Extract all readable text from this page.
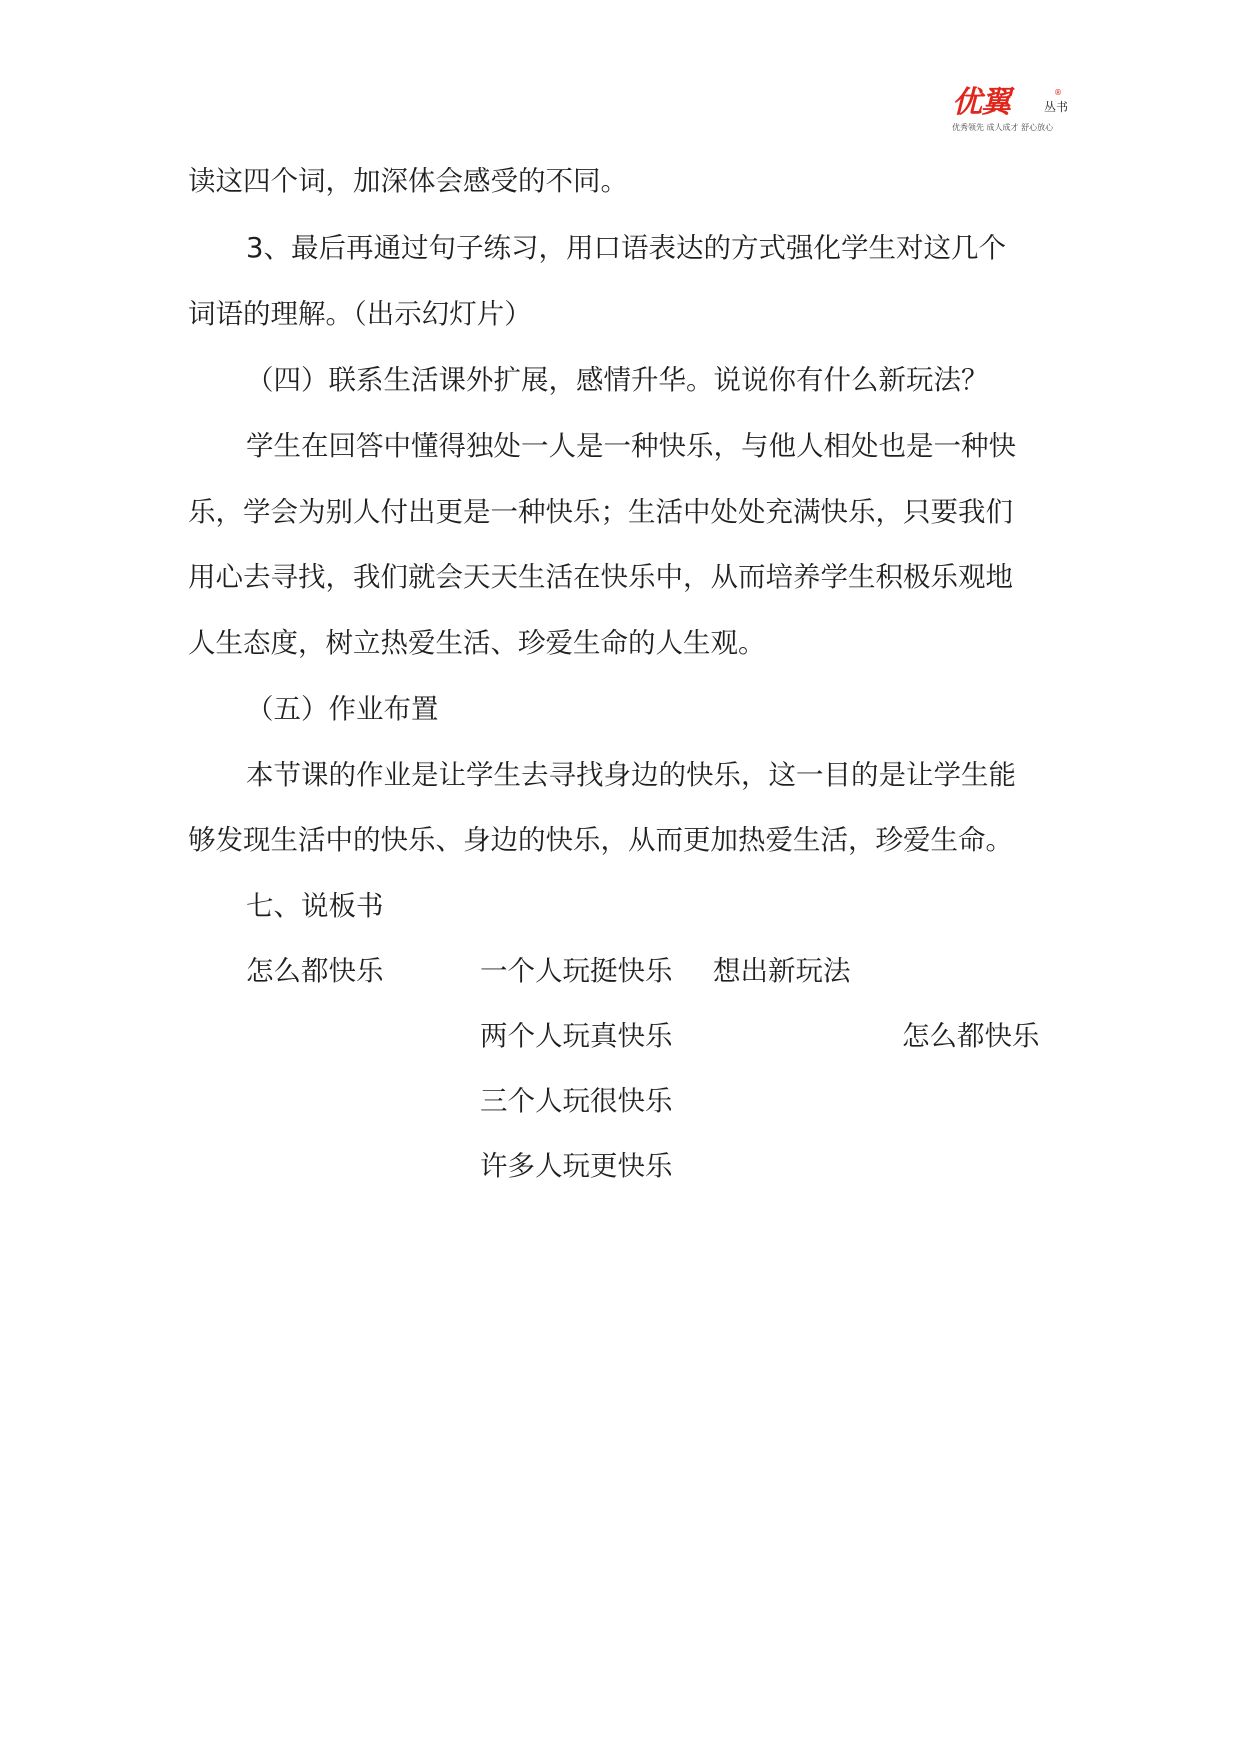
优翼	®
丛书
优秀领先 成人成才 舒心放心
读这四个词，加深体会感受的不同。
3、最后再通过句子练习，用口语表达的方式强化学生对这几个
词语的理解。（出示幻灯片）
（四）联系生活课外扩展，感情升华。说说你有什么新玩法？
学生在回答中懂得独处一人是一种快乐，与他人相处也是一种快
乐，学会为别人付出更是一种快乐；生活中处处充满快乐，只要我们
用心去寻找，我们就会天天生活在快乐中，从而培养学生积极乐观地
人生态度，树立热爱生活、珍爱生命的人生观。
（五）作业布置
本节课的作业是让学生去寻找身边的快乐，这一目的是让学生能
够发现生活中的快乐、身边的快乐，从而更加热爱生活，珍爱生命。
七、说板书
怎么都快乐	一个人玩挺快乐 想出新玩法
两个人玩真快乐	怎么都快乐
三个人玩很快乐
许多人玩更快乐
